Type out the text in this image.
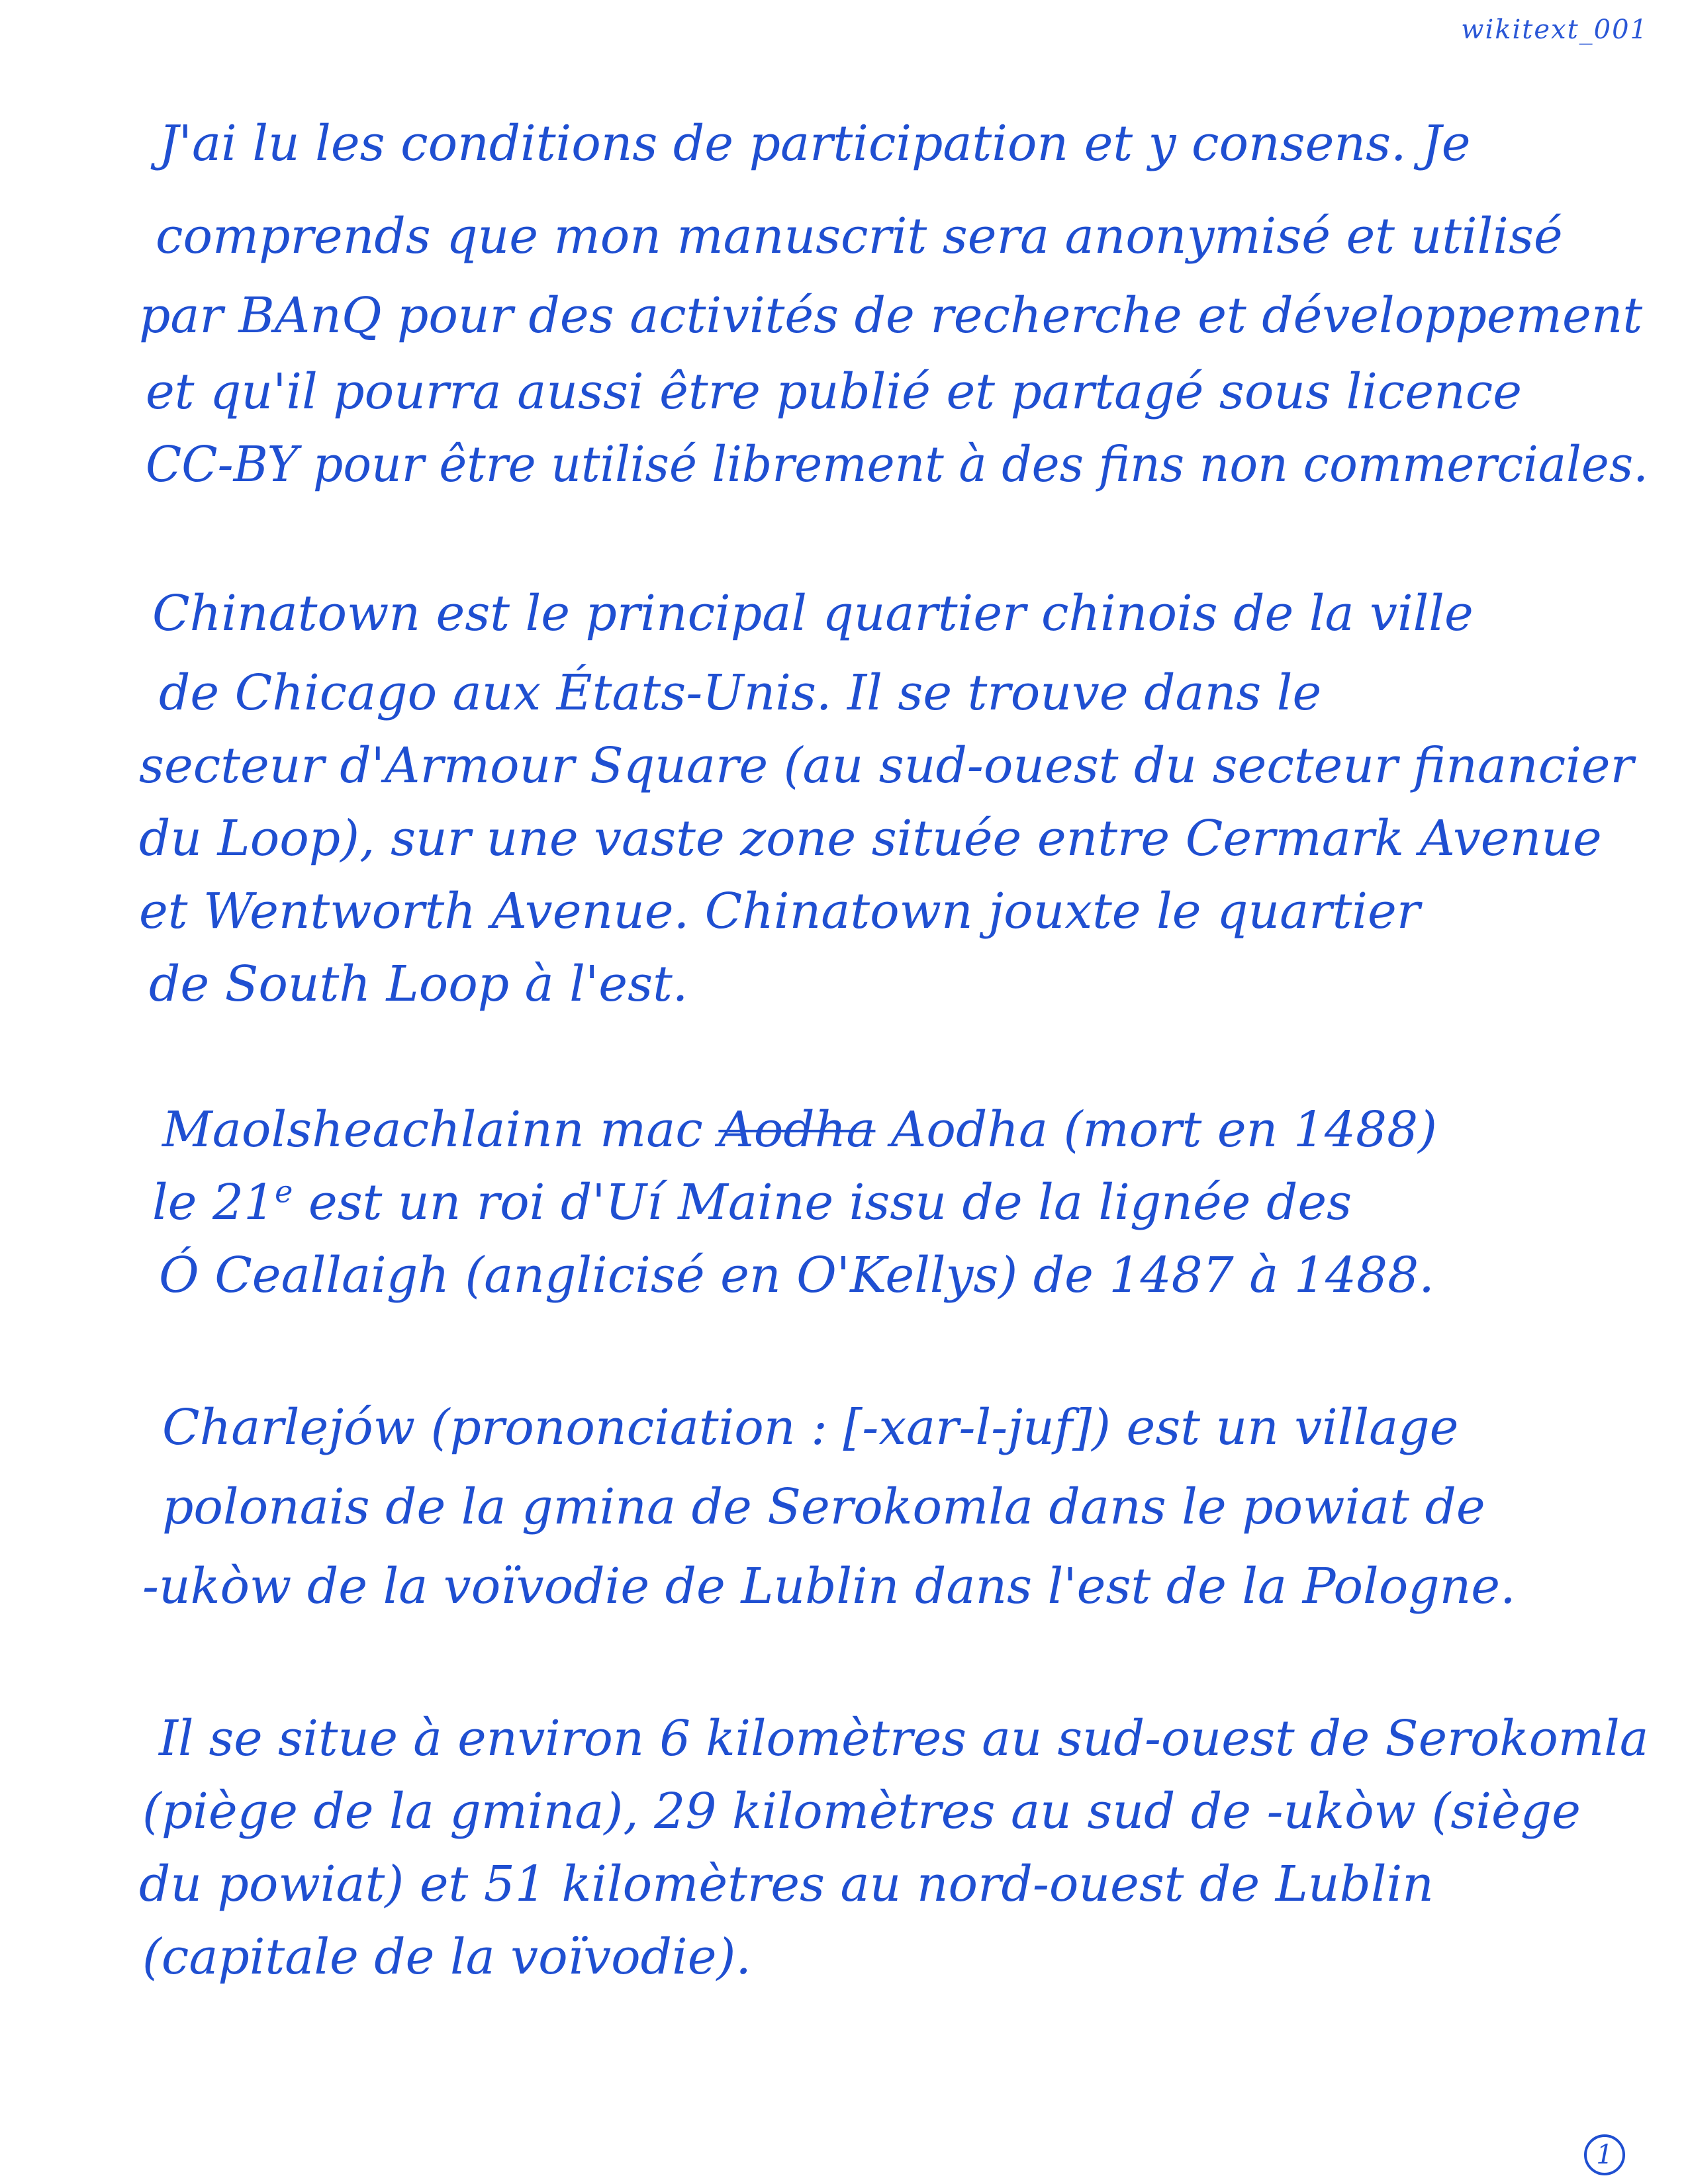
wikitext_001
J'ai lu les conditions de participation et y consens. Je
comprends que mon manuscrit sera anonymisé et utilisé
par BAnQ pour des activités de recherche et développement
et qu'il pourra aussi être publié et partagé sous licence
CC-BY pour être utilisé librement à des fins non commerciales.
Chinatown est le principal quartier chinois de la ville
de Chicago aux États-Unis. Il se trouve dans le
secteur d'Armour Square (au sud-ouest du secteur financier
du Loop), sur une vaste zone située entre Cermark Avenue
et Wentworth Avenue. Chinatown jouxte le quartier
de South Loop à l'est.
Maolsheachlainn mac Aodha Aodha (mort en 1488)
le 21e est un roi d'Uí Maine issu de la lignée des
Ó Ceallaigh (anglicisé en O'Kellys) de 1487 à 1488.
Charlejów (prononciation : [-xar-l-juf]) est un village
polonais de la gmina de Serokomla dans le powiat de
-ukòw de la voïvodie de Lublin dans l'est de la Pologne.
Il se situe à environ 6 kilomètres au sud-ouest de Serokomla
(piège de la gmina), 29 kilomètres au sud de -ukòw (siège
du powiat) et 51 kilomètres au nord-ouest de Lublin
(capitale de la voïvodie).
1
